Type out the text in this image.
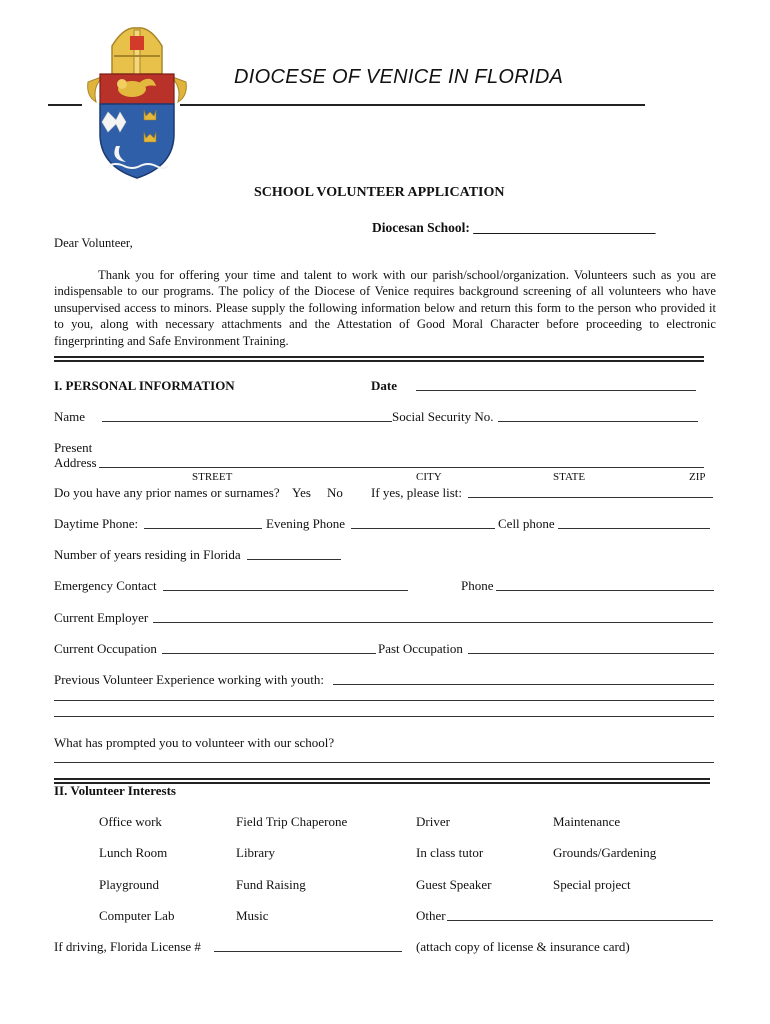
DIOCESE OF VENICE IN FLORIDA
SCHOOL VOLUNTEER APPLICATION
Diocesan School: ___________________________
Dear Volunteer,

Thank you for offering your time and talent to work with our parish/school/organization. Volunteers such as you are indispensable to our programs. The policy of the Diocese of Venice requires background screening of all volunteers who have unsupervised access to minors. Please supply the following information below and return this form to the person who provided it to you, along with necessary attachments and the Attestation of Good Moral Character before proceeding to electronic fingerprinting and Safe Environment Training.

I. PERSONAL INFORMATION	Date
Name	Social Security No.
Present
Address
STREET	CITY	STATE	ZIP
Do you have any prior names or surnames? Yes No If yes, please list:
Daytime Phone:	Evening Phone	Cell phone
Number of years residing in Florida
Emergency Contact	Phone
Current Employer
Current Occupation	Past Occupation
Previous Volunteer Experience working with youth:
What has prompted you to volunteer with our school?
II. Volunteer Interests
Office work	Field Trip Chaperone	Driver	Maintenance
Lunch Room	Library	In class tutor	Grounds/Gardening
Playground	Fund Raising	Guest Speaker	Special project
Computer Lab	Music	Other
If driving, Florida License #	(attach copy of license & insurance card)
